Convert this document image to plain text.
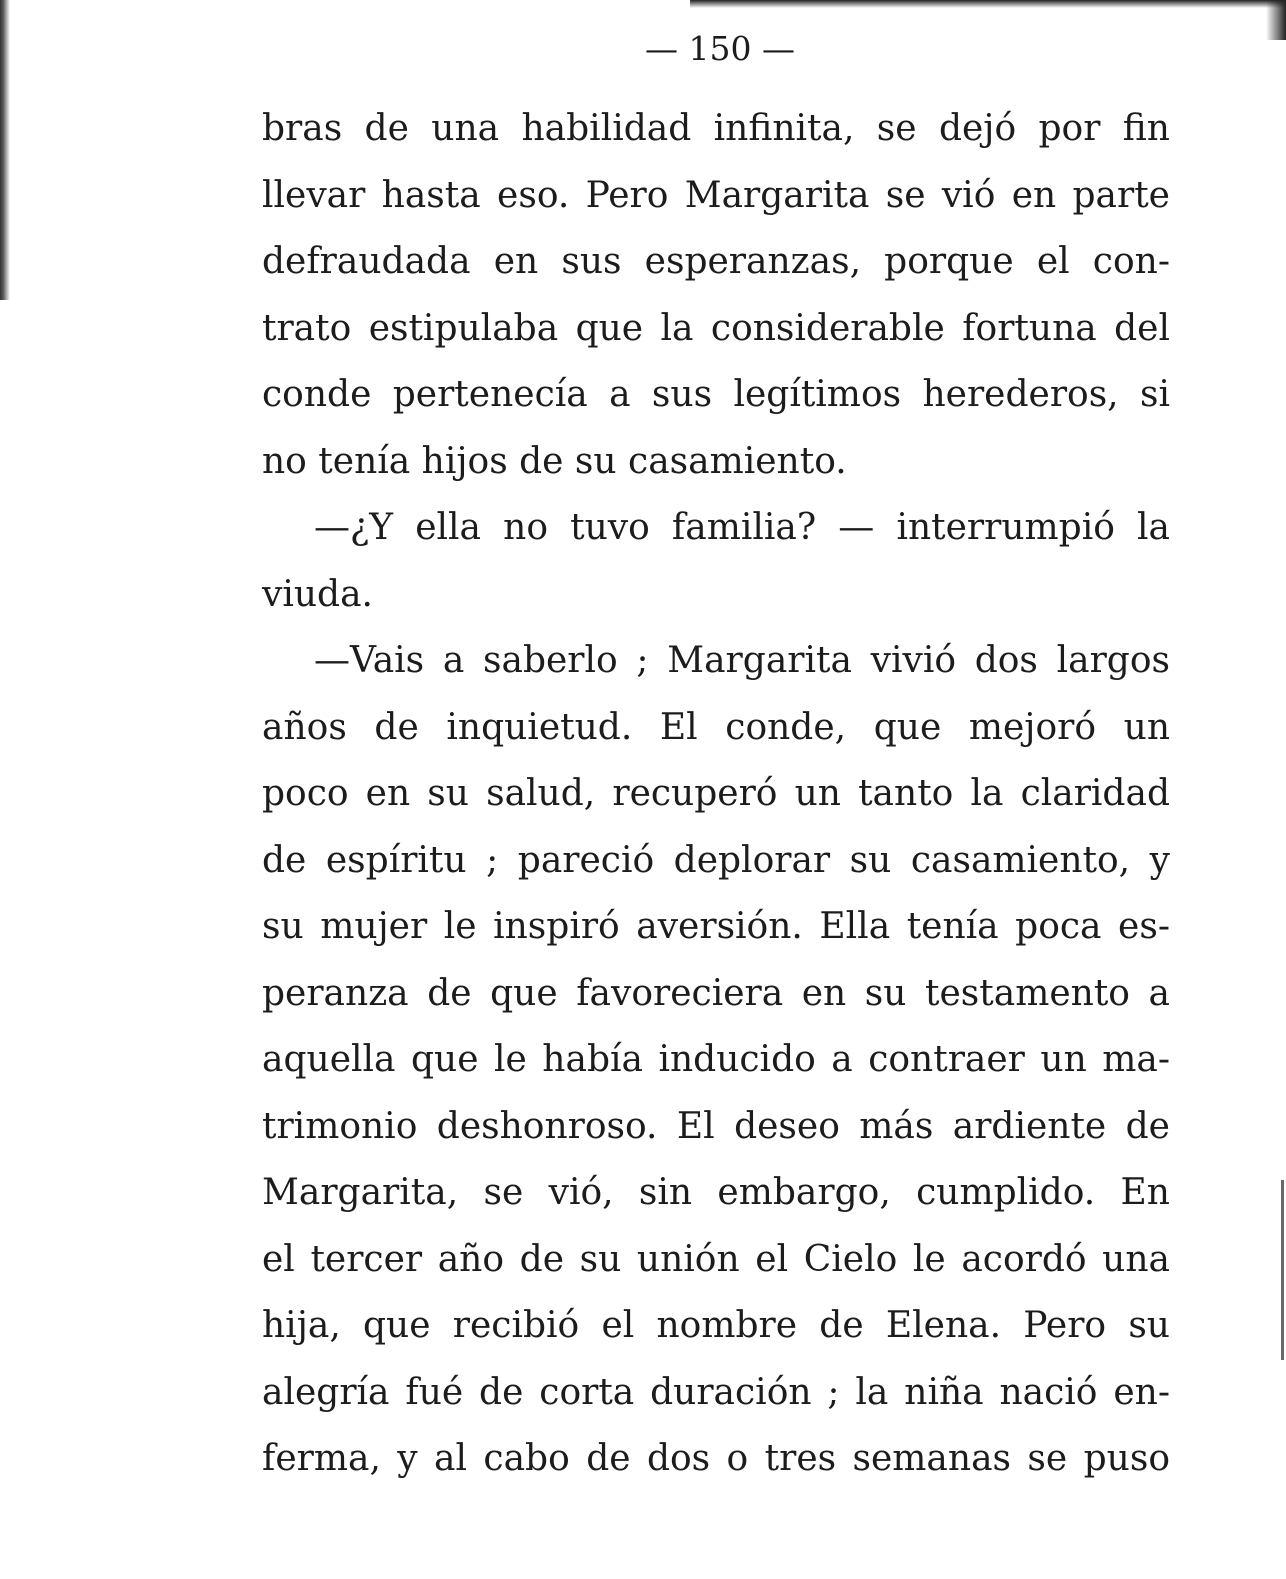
— 150 —
bras de una habilidad infinita, se dejó por fin
llevar hasta eso. Pero Margarita se vió en parte
defraudada en sus esperanzas, porque el con-
trato estipulaba que la considerable fortuna del
conde pertenecía a sus legítimos herederos, si
no tenía hijos de su casamiento.
—¿Y ella no tuvo familia? — interrumpió la
viuda.
—Vais a saberlo ; Margarita vivió dos largos
años de inquietud. El conde, que mejoró un
poco en su salud, recuperó un tanto la claridad
de espíritu ; pareció deplorar su casamiento, y
su mujer le inspiró aversión. Ella tenía poca es-
peranza de que favoreciera en su testamento a
aquella que le había inducido a contraer un ma-
trimonio deshonroso. El deseo más ardiente de
Margarita, se vió, sin embargo, cumplido. En
el tercer año de su unión el Cielo le acordó una
hija, que recibió el nombre de Elena. Pero su
alegría fué de corta duración ; la niña nació en-
ferma, y al cabo de dos o tres semanas se puso
